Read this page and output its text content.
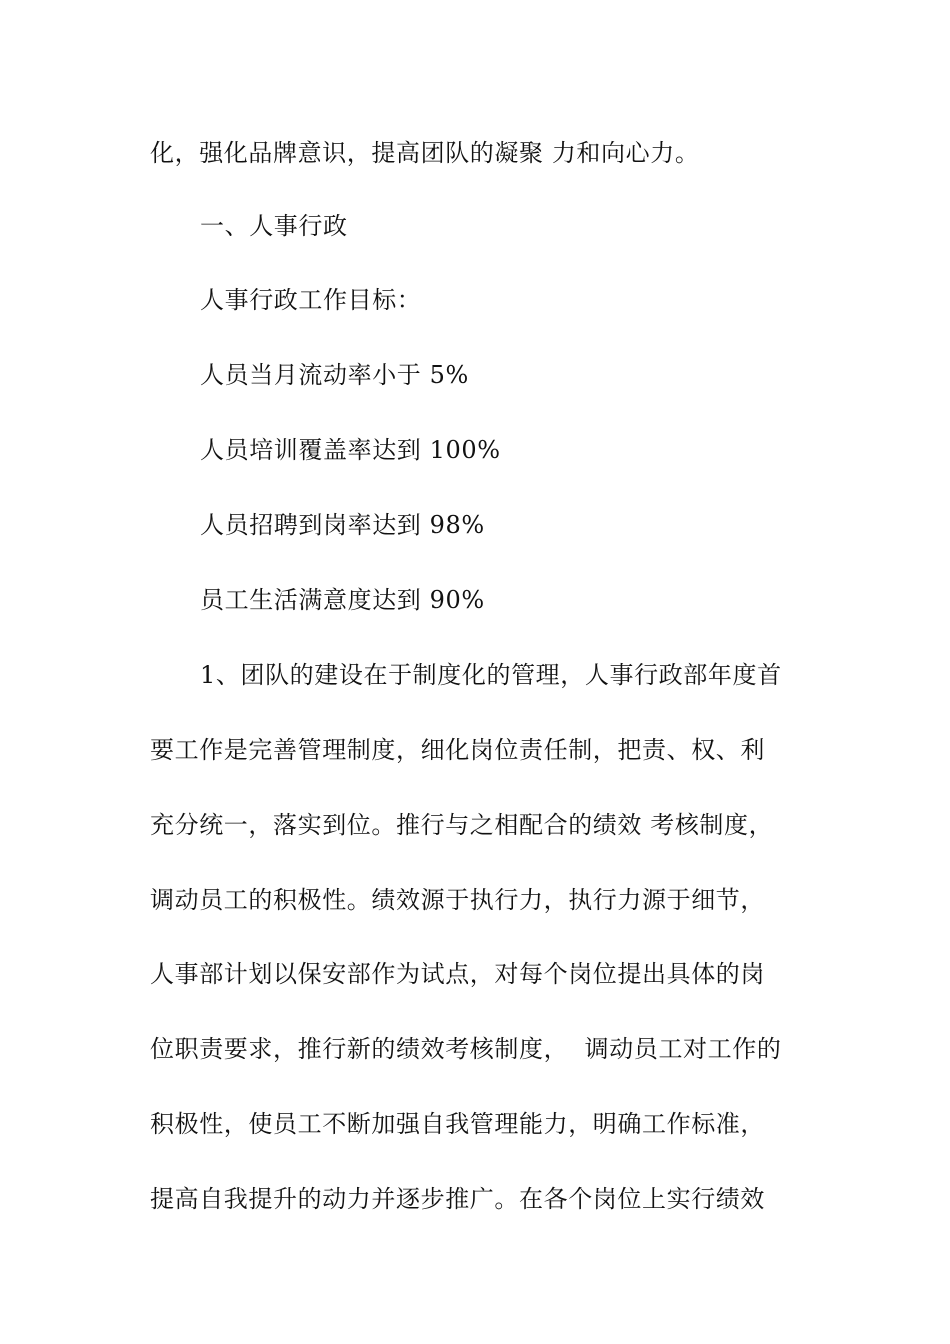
化，强化品牌意识，提高团队的凝聚 力和向心力。
一、人事行政
人事行政工作目标：
人员当月流动率小于 5%
人员培训覆盖率达到 100%
人员招聘到岗率达到 98%
员工生活满意度达到 90%
1、团队的建设在于制度化的管理，人事行政部年度首
要工作是完善管理制度，细化岗位责任制，把责、权、利
充分统一，落实到位。推行与之相配合的绩效 考核制度，
调动员工的积极性。绩效源于执行力，执行力源于细节，
人事部计划以保安部作为试点，对每个岗位提出具体的岗
位职责要求，推行新的绩效考核制度，  调动员工对工作的
积极性，使员工不断加强自我管理能力，明确工作标准，
提高自我提升的动力并逐步推广。在各个岗位上实行绩效
